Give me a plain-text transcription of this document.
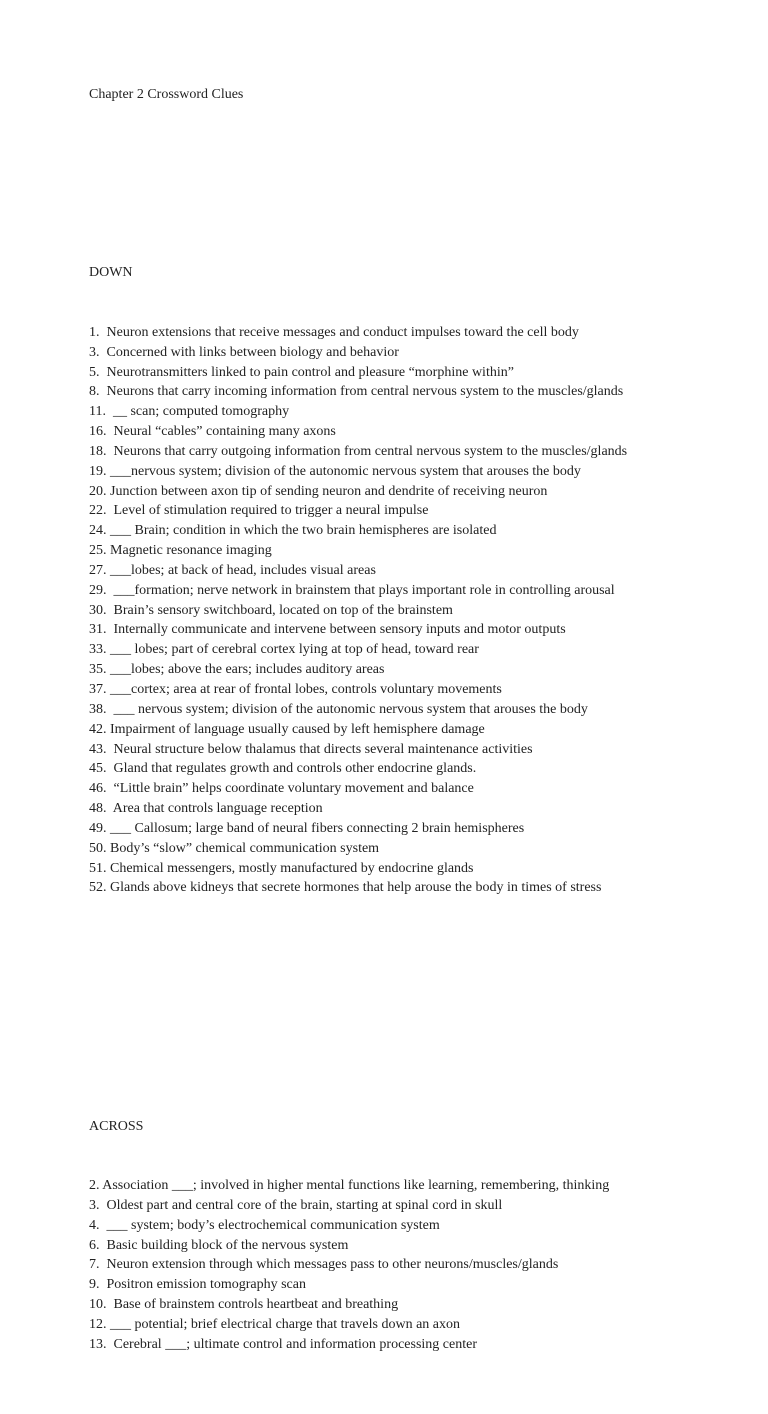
Chapter 2 Crossword Clues

DOWN

1.  Neuron extensions that receive messages and conduct impulses toward the cell body
3.  Concerned with links between biology and behavior
5.  Neurotransmitters linked to pain control and pleasure “morphine within”
8.  Neurons that carry incoming information from central nervous system to the muscles/glands
11.  __ scan; computed tomography
16.  Neural “cables” containing many axons
18.  Neurons that carry outgoing information from central nervous system to the muscles/glands
19. ___nervous system; division of the autonomic nervous system that arouses the body
20. Junction between axon tip of sending neuron and dendrite of receiving neuron
22.  Level of stimulation required to trigger a neural impulse
24. ___ Brain; condition in which the two brain hemispheres are isolated
25. Magnetic resonance imaging
27. ___lobes; at back of head, includes visual areas
29.  ___formation; nerve network in brainstem that plays important role in controlling arousal
30.  Brain’s sensory switchboard, located on top of the brainstem
31.  Internally communicate and intervene between sensory inputs and motor outputs
33. ___ lobes; part of cerebral cortex lying at top of head, toward rear
35. ___lobes; above the ears; includes auditory areas
37. ___cortex; area at rear of frontal lobes, controls voluntary movements
38.  ___ nervous system; division of the autonomic nervous system that arouses the body
42. Impairment of language usually caused by left hemisphere damage
43.  Neural structure below thalamus that directs several maintenance activities
45.  Gland that regulates growth and controls other endocrine glands.
46.  “Little brain” helps coordinate voluntary movement and balance
48.  Area that controls language reception
49. ___ Callosum; large band of neural fibers connecting 2 brain hemispheres
50. Body’s “slow” chemical communication system
51. Chemical messengers, mostly manufactured by endocrine glands
52. Glands above kidneys that secrete hormones that help arouse the body in times of stress

ACROSS

2. Association ___; involved in higher mental functions like learning, remembering, thinking
3.  Oldest part and central core of the brain, starting at spinal cord in skull
4.  ___ system; body’s electrochemical communication system
6.  Basic building block of the nervous system
7.  Neuron extension through which messages pass to other neurons/muscles/glands
9.  Positron emission tomography scan
10.  Base of brainstem controls heartbeat and breathing
12. ___ potential; brief electrical charge that travels down an axon
13.  Cerebral ___; ultimate control and information processing center
